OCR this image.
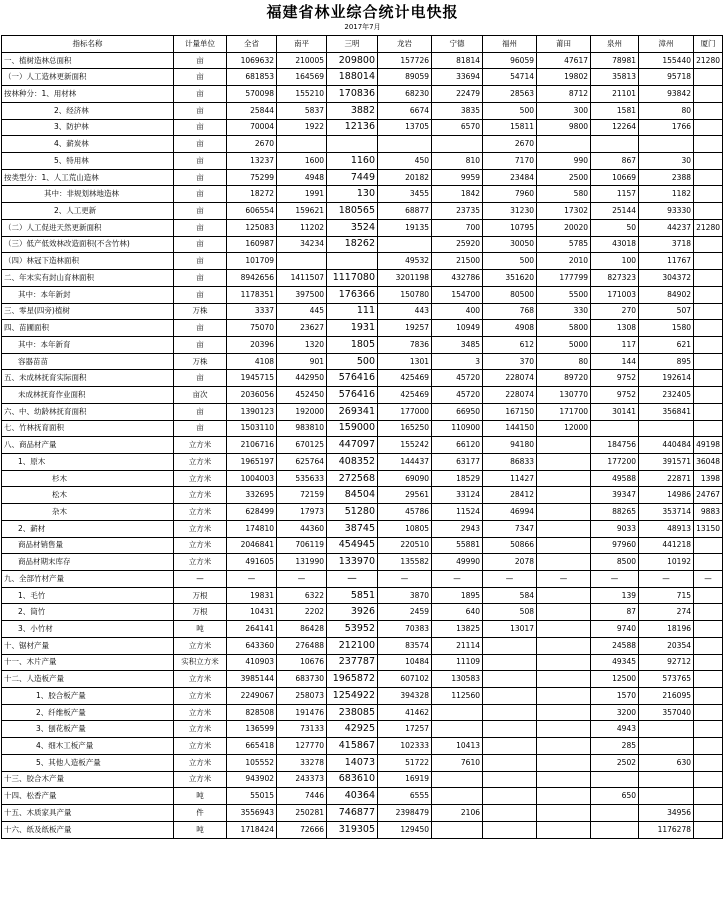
福建省林业综合统计电快报
2017年7月
指标名称	计量单位	全省	南平	三明	龙岩	宁德	福州	莆田	泉州	漳州	厦门
一、植树造林总面积	亩	1069632	210005	209800	157726	81814	96059	47617	78981	155440	21280
（一）人工造林更新面积	亩	681853	164569	188014	89059	33694	54714	19802	35813	95718	
按林种分：1、用材林	亩	570098	155210	170836	68230	22479	28563	8712	21101	93842	
2、经济林	亩	25844	5837	3882	6674	3835	500	300	1581	80	
3、防护林	亩	70004	1922	12136	13705	6570	15811	9800	12264	1766	
4、薪炭林	亩	2670					2670				
5、特用林	亩	13237	1600	1160	450	810	7170	990	867	30	
按类型分：1、人工荒山造林	亩	75299	4948	7449	20182	9959	23484	2500	10669	2388	
其中：非规划林地造林	亩	18272	1991	130	3455	1842	7960	580	1157	1182	
2、人工更新	亩	606554	159621	180565	68877	23735	31230	17302	25144	93330	
（二）人工促进天然更新面积	亩	125083	11202	3524	19135	700	10795	20020	50	44237	21280
（三）低产低效林改造面积(不含竹林)	亩	160987	34234	18262		25920	30050	5785	43018	3718	
（四）林冠下造林面积	亩	101709			49532	21500	500	2010	100	11767	
二、年末实有封山育林面积	亩	8942656	1411507	1117080	3201198	432786	351620	177799	827323	304372	
其中：本年新封	亩	1178351	397500	176366	150780	154700	80500	5500	171003	84902	
三、零星(四旁)植树	万株	3337	445	111	443	400	768	330	270	507	
四、苗圃面积	亩	75070	23627	1931	19257	10949	4908	5800	1308	1580	
其中：本年新育	亩	20396	1320	1805	7836	3485	612	5000	117	621	
容器苗苗	万株	4108	901	500	1301	3	370	80	144	895	
五、未成林抚育实际面积	亩	1945715	442950	576416	425469	45720	228074	89720	9752	192614	
未成林抚育作业面积	亩次	2036056	452450	576416	425469	45720	228074	130770	9752	232405	
六、中、幼龄林抚育面积	亩	1390123	192000	269341	177000	66950	167150	171700	30141	356841	
七、竹林抚育面积	亩	1503110	983810	159000	165250	110900	144150	12000			
八、商品材产量	立方米	2106716	670125	447097	155242	66120	94180		184756	440484	49198
1、原木	立方米	1965197	625764	408352	144437	63177	86833		177200	391571	36048
杉木	立方米	1004003	535633	272568	69090	18529	11427		49588	22871	1398
松木	立方米	332695	72159	84504	29561	33124	28412		39347	14986	24767
杂木	立方米	628499	17973	51280	45786	11524	46994		88265	353714	9883
2、薪材	立方米	174810	44360	38745	10805	2943	7347		9033	48913	13150
商品材销售量	立方米	2046841	706119	454945	220510	55881	50866		97960	441218	
商品材期末库存	立方米	491605	131990	133970	135582	49990	2078		8500	10192	
九、全部竹材产量	—	—	—	—	—	—	—	—	—	—	—
1、毛竹	万根	19831	6322	5851	3870	1895	584		139	715	
2、筒竹	万根	10431	2202	3926	2459	640	508		87	274	
3、小竹材	吨	264141	86428	53952	70383	13825	13017		9740	18196	
十、锯材产量	立方米	643360	276488	212100	83574	21114			24588	20354	
十一、木片产量	实积立方米	410903	10676	237787	10484	11109			49345	92712	
十二、人造板产量	立方米	3985144	683730	1965872	607102	130583			12500	573765	
1、胶合板产量	立方米	2249067	258073	1254922	394328	112560			1570	216095	
2、纤维板产量	立方米	828508	191476	238085	41462				3200	357040	
3、刨花板产量	立方米	136599	73133	42925	17257				4943		
4、细木工板产量	立方米	665418	127770	415867	102333	10413			285		
5、其他人造板产量	立方米	105552	33278	14073	51722	7610			2502	630	
十三、胶合木产量	立方米	943902	243373	683610	16919						
十四、松香产量	吨	55015	7446	40364	6555				650		
十五、木质家具产量	件	3556943	250281	746877	2398479	2106				34956	
十六、纸及纸板产量	吨	1718424	72666	319305	129450					1176278	
